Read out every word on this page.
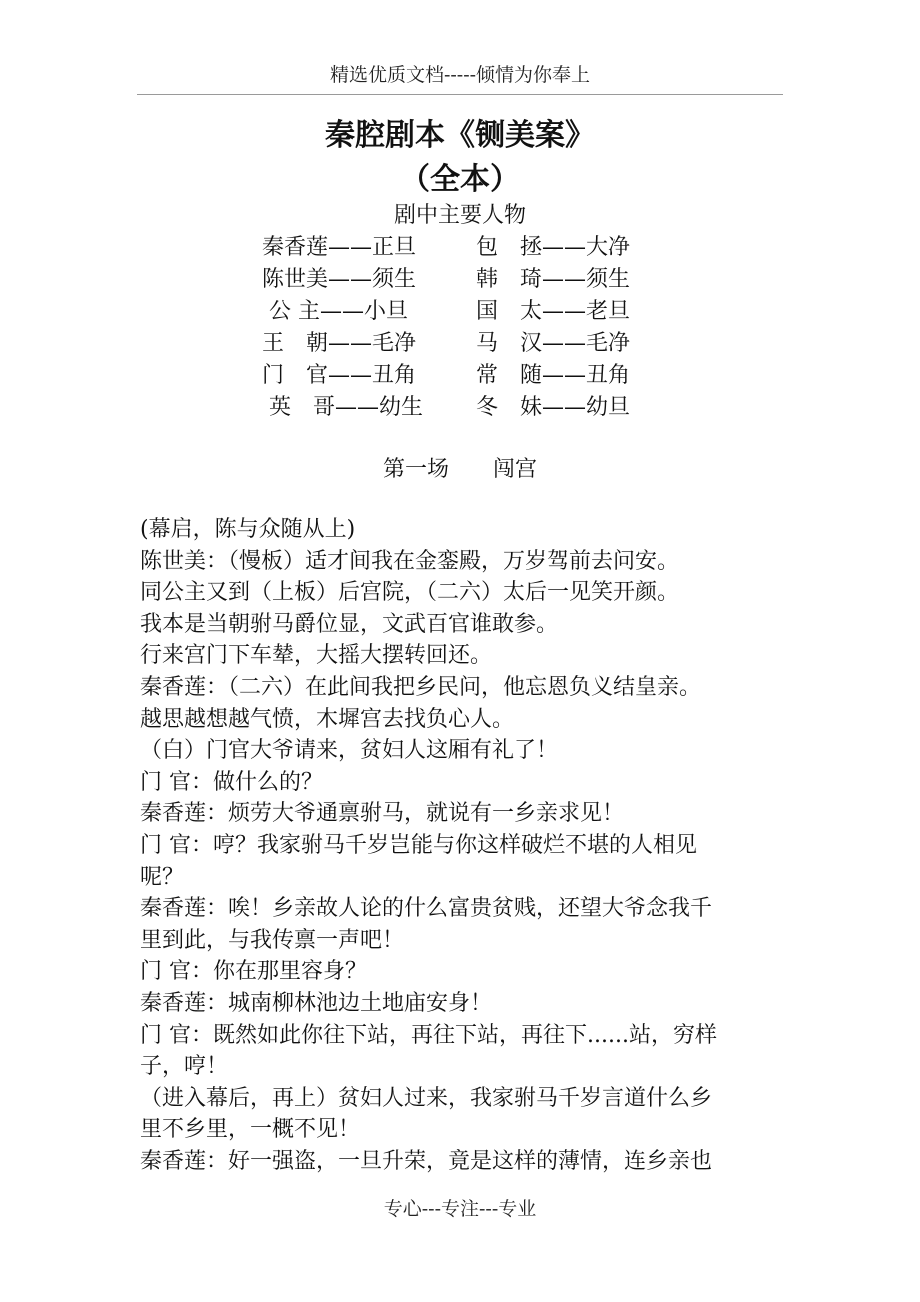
精选优质文档-----倾情为你奉上
秦腔剧本《铡美案》
（全本）
剧中主要人物
秦香莲——正旦	包　拯——大净
陈世美——须生	韩　琦——须生
公 主——小旦	国　太——老旦
王　朝——毛净	马　汉——毛净
门　官——丑角	常　随——丑角
英　哥——幼生	冬　妹——幼旦
第一场　　闯宫
(幕启，陈与众随从上)
陈世美：（慢板）适才间我在金銮殿，万岁驾前去问安。
同公主又到（上板）后宫院，（二六）太后一见笑开颜。
我本是当朝驸马爵位显，文武百官谁敢参。
行来宫门下车辇，大摇大摆转回还。
秦香莲：（二六）在此间我把乡民问，他忘恩负义结皇亲。
越思越想越气愤，木墀宫去找负心人。
（白）门官大爷请来，贫妇人这厢有礼了！
门 官：做什么的？
秦香莲：烦劳大爷通禀驸马，就说有一乡亲求见！
门 官：哼？我家驸马千岁岂能与你这样破烂不堪的人相见
呢？
秦香莲：唉！乡亲故人论的什么富贵贫贱，还望大爷念我千
里到此，与我传禀一声吧！
门 官：你在那里容身？
秦香莲：城南柳林池边土地庙安身！
门 官：既然如此你往下站，再往下站，再往下......站，穷样
子，哼！
（进入幕后，再上）贫妇人过来，我家驸马千岁言道什么乡
里不乡里，一概不见！
秦香莲：好一强盗，一旦升荣，竟是这样的薄情，连乡亲也
专心---专注---专业
